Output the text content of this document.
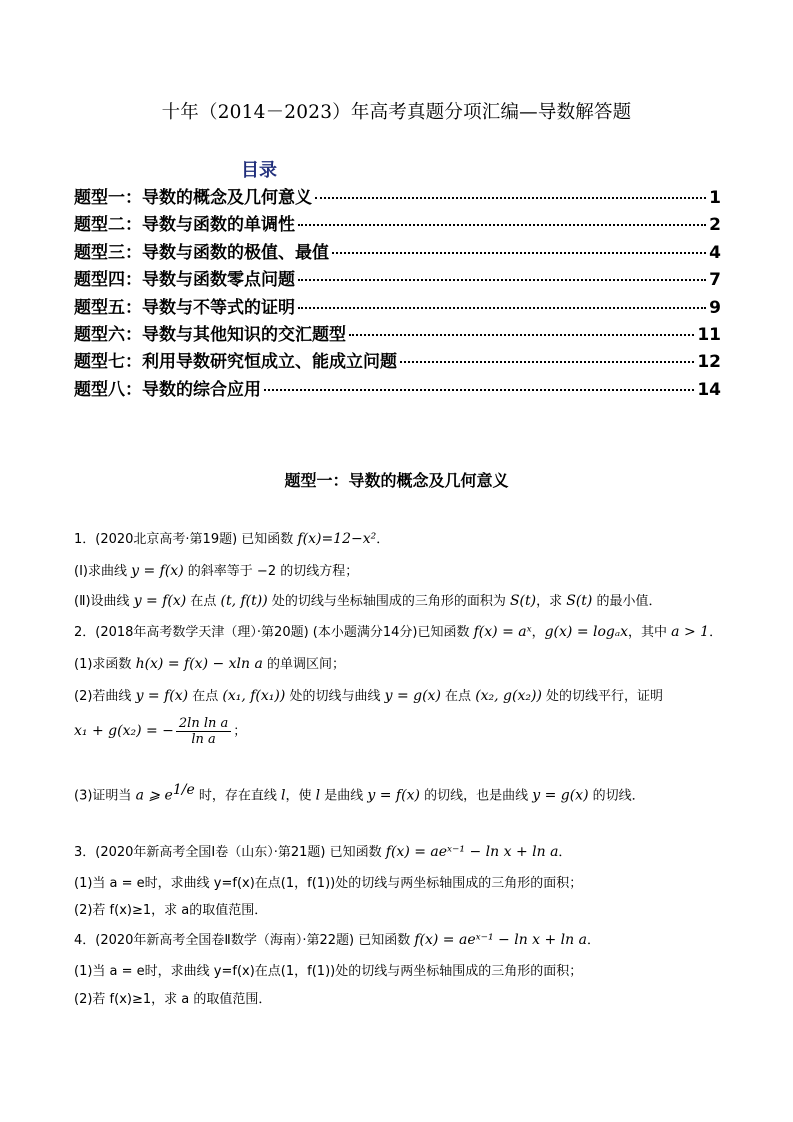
十年（2014－2023）年高考真题分项汇编—导数解答题
目录
题型一：导数的概念及几何意义	1
题型二：导数与函数的单调性	2
题型三：导数与函数的极值、最值	4
题型四：导数与函数零点问题	7
题型五：导数与不等式的证明	9
题型六：导数与其他知识的交汇题型	11
题型七：利用导数研究恒成立、能成立问题	12
题型八：导数的综合应用	14
题型一：导数的概念及几何意义
1．(2020北京高考·第19题) 已知函数 f(x)=12−x²．
(Ⅰ)求曲线 y = f(x) 的斜率等于 −2 的切线方程；
(Ⅱ)设曲线 y = f(x) 在点 (t, f(t)) 处的切线与坐标轴围成的三角形的面积为 S(t)，求 S(t) 的最小值．
2．(2018年高考数学天津（理）·第20题) (本小题满分14分)已知函数 f(x) = aˣ，g(x) = logₐx，其中 a > 1．
(1)求函数 h(x) = f(x) − xln a 的单调区间；
(2)若曲线 y = f(x) 在点 (x₁, f(x₁)) 处的切线与曲线 y = g(x) 在点 (x₂, g(x₂)) 处的切线平行，证明
x₁ + g(x₂) = − $\frac{\text{2ln ln a}}{\text{ln a}}$ ；
(3)证明当 a ⩾ $e^{1/e}$ 时，存在直线 l，使 l 是曲线 y = f(x) 的切线，也是曲线 y = g(x) 的切线．
3．(2020年新高考全国Ⅰ卷（山东）·第21题) 已知函数 f(x) = aeˣ⁻¹ − ln x + ln a．
(1)当 a = e时，求曲线 y=f(x)在点(1，f(1))处的切线与两坐标轴围成的三角形的面积；
(2)若 f(x)≥1，求 a的取值范围．
4．(2020年新高考全国卷Ⅱ数学（海南）·第22题) 已知函数 f(x) = aeˣ⁻¹ − ln x + ln a．
(1)当 a = e时，求曲线 y=f(x)在点(1，f(1))处的切线与两坐标轴围成的三角形的面积；
(2)若 f(x)≥1，求 a 的取值范围．
